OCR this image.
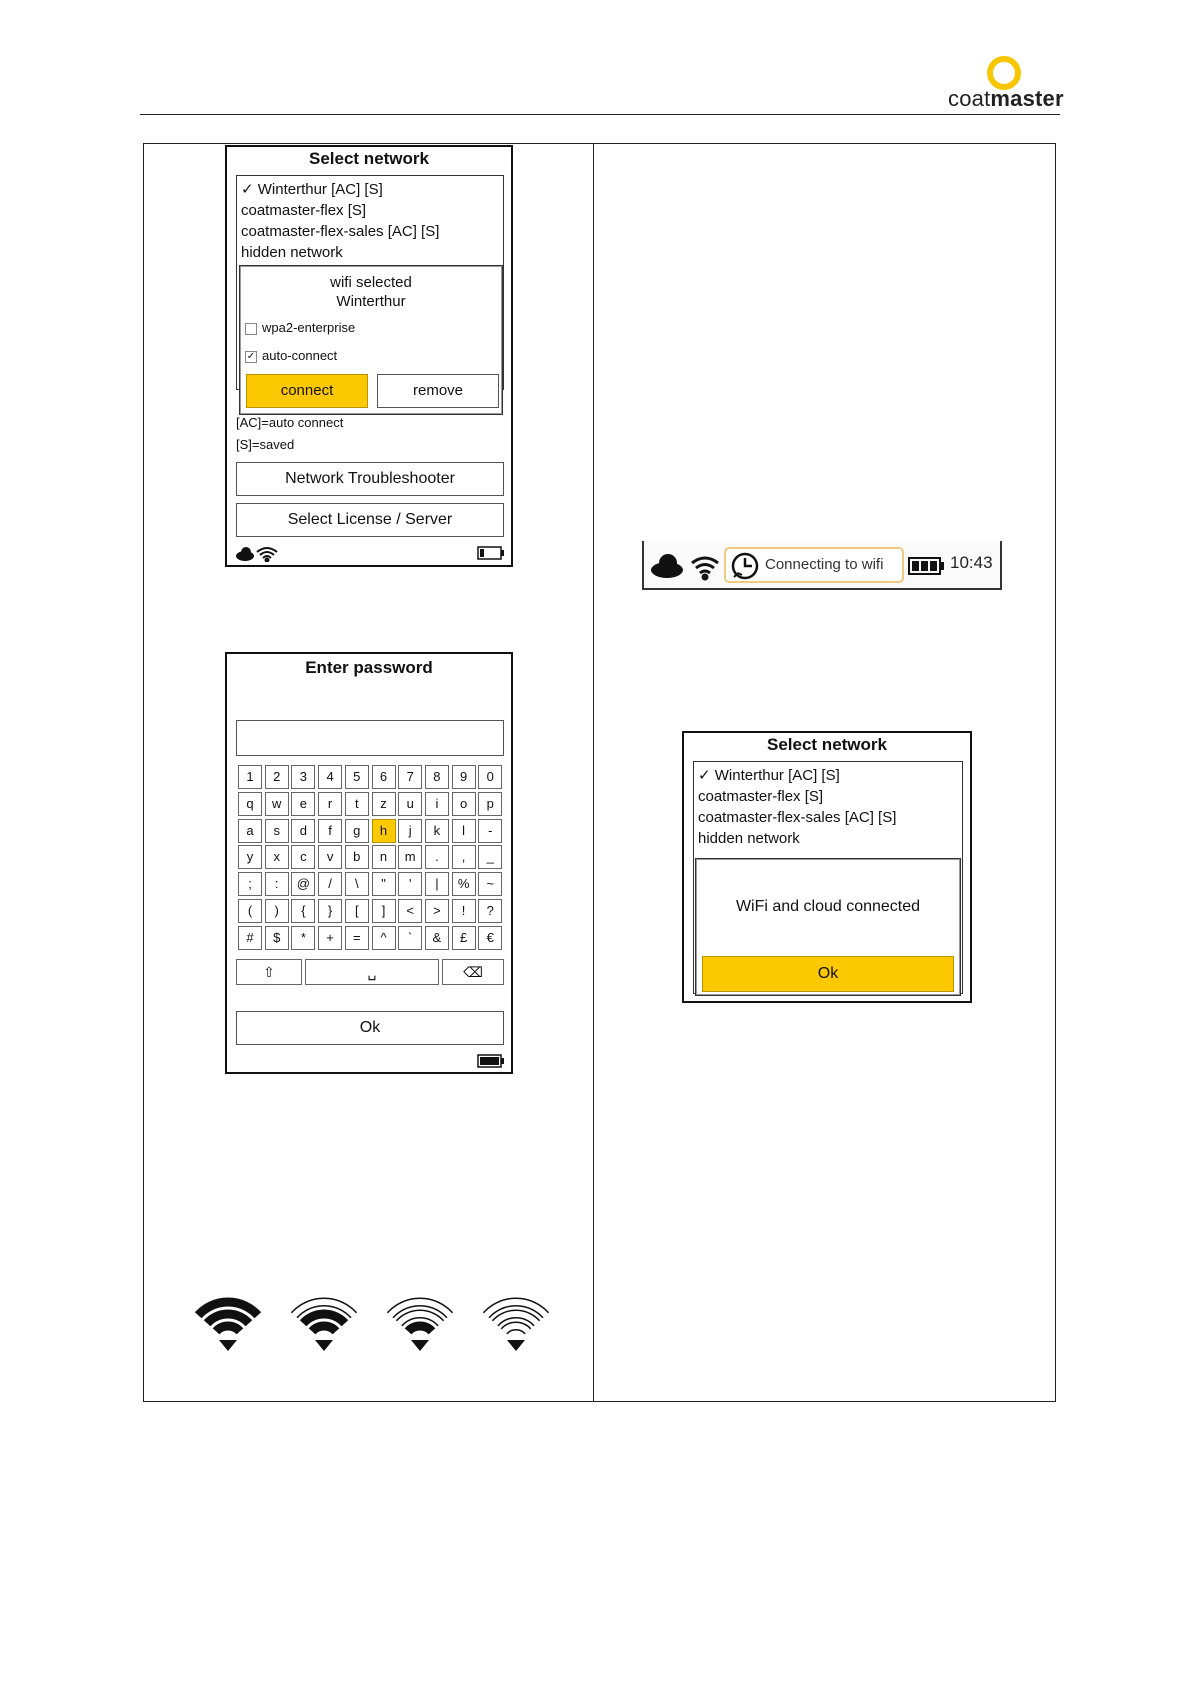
coatmaster
Select network
✓ Winterthur [AC] [S]
coatmaster-flex [S]
coatmaster-flex-sales [AC] [S]
hidden network
wifi selected
Winterthur
wpa2-enterprise
✓ auto-connect
connect	remove
[AC]=auto connect
[S]=saved
Network Troubleshooter
Select License / Server
Enter password
1	2	3	4	5	6	7	8	9	0
q	w	e	r	t	z	u	i	o	p
a	s	d	f	g	h	j	k	l	-
y	x	c	v	b	n	m	.	,	_
;	:	@	/	\	"	'	|	%	~
(	)	{	}	[	]	<	>	!	?
#	$	*	+	=	^	`	&	£	€
⇧	␣	⌫
Ok
Connecting to wifi	10:43
Select network
✓ Winterthur [AC] [S]
coatmaster-flex [S]
coatmaster-flex-sales [AC] [S]
hidden network
WiFi and cloud connected
Ok
